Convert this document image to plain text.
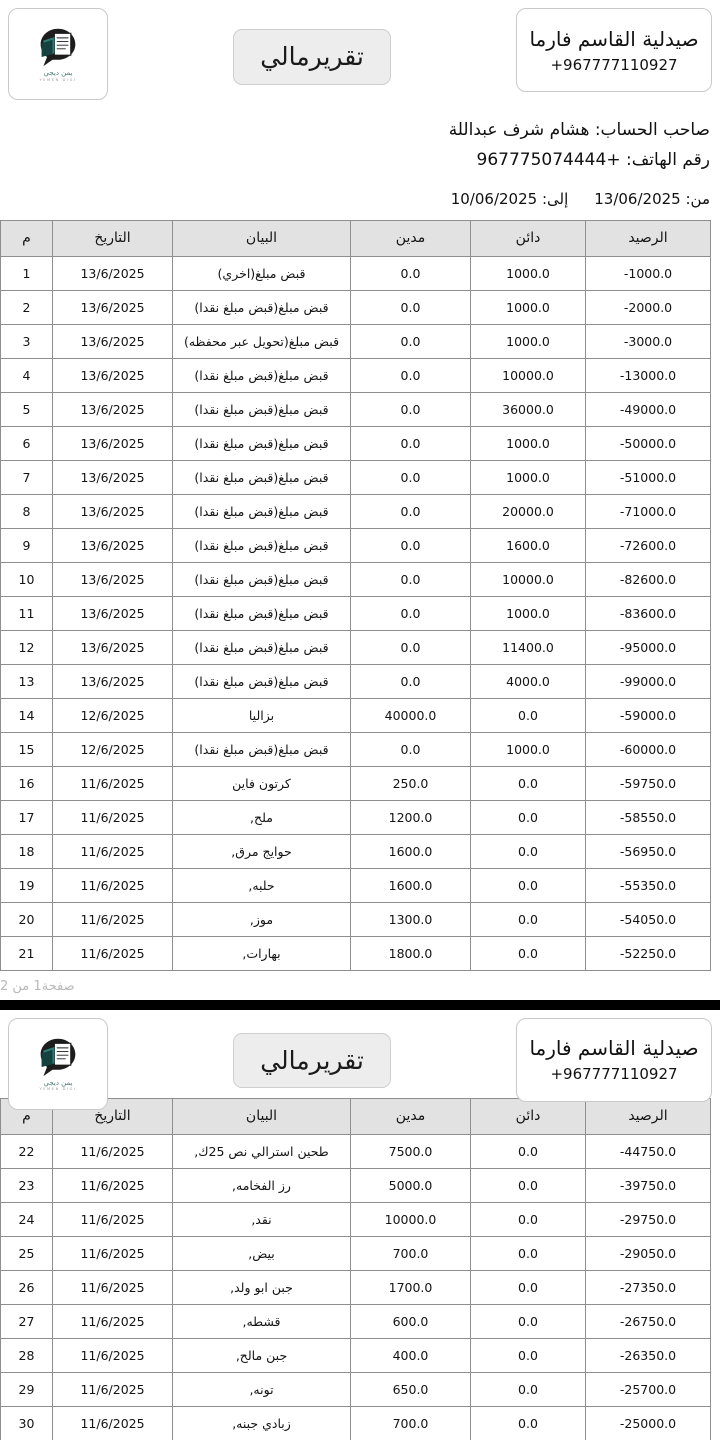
يمن ديجي
YEMEN DIGI
تقريرمالي
صيدلية القاسم فارما
+967777110927
صاحب الحساب: هشام شرف عبداللة
رقم الهاتف: +967775074444
من: 13/06/2025
إلى: 10/06/2025
الرصيد	دائن	مدين	البيان	التاريخ	م
-1000.0	1000.0	0.0	قبض مبلغ(اخري)	13/6/2025	1
-2000.0	1000.0	0.0	قبض مبلغ(قبض مبلغ نقدا)	13/6/2025	2
-3000.0	1000.0	0.0	قبض مبلغ(تحويل عبر محفظه)	13/6/2025	3
-13000.0	10000.0	0.0	قبض مبلغ(قبض مبلغ نقدا)	13/6/2025	4
-49000.0	36000.0	0.0	قبض مبلغ(قبض مبلغ نقدا)	13/6/2025	5
-50000.0	1000.0	0.0	قبض مبلغ(قبض مبلغ نقدا)	13/6/2025	6
-51000.0	1000.0	0.0	قبض مبلغ(قبض مبلغ نقدا)	13/6/2025	7
-71000.0	20000.0	0.0	قبض مبلغ(قبض مبلغ نقدا)	13/6/2025	8
-72600.0	1600.0	0.0	قبض مبلغ(قبض مبلغ نقدا)	13/6/2025	9
-82600.0	10000.0	0.0	قبض مبلغ(قبض مبلغ نقدا)	13/6/2025	10
-83600.0	1000.0	0.0	قبض مبلغ(قبض مبلغ نقدا)	13/6/2025	11
-95000.0	11400.0	0.0	قبض مبلغ(قبض مبلغ نقدا)	13/6/2025	12
-99000.0	4000.0	0.0	قبض مبلغ(قبض مبلغ نقدا)	13/6/2025	13
-59000.0	0.0	40000.0	بزاليا	12/6/2025	14
-60000.0	1000.0	0.0	قبض مبلغ(قبض مبلغ نقدا)	12/6/2025	15
-59750.0	0.0	250.0	كرتون فاين	11/6/2025	16
-58550.0	0.0	1200.0	ملح,	11/6/2025	17
-56950.0	0.0	1600.0	حوايج مرق,	11/6/2025	18
-55350.0	0.0	1600.0	حلبه,	11/6/2025	19
-54050.0	0.0	1300.0	موز,	11/6/2025	20
-52250.0	0.0	1800.0	بهارات,	11/6/2025	21
صفحة1 من 2
يمن ديجي
YEMEN DIGI
تقريرمالي	صيدلية القاسم فارما
+967777110927
الرصيد	دائن	مدين	البيان	التاريخ	م
-44750.0	0.0	7500.0	طحين استرالي نص 25ك,	11/6/2025	22
-39750.0	0.0	5000.0	رز الفخامه,	11/6/2025	23
-29750.0	0.0	10000.0	نقد,	11/6/2025	24
-29050.0	0.0	700.0	بيض,	11/6/2025	25
-27350.0	0.0	1700.0	جبن ابو ولد,	11/6/2025	26
-26750.0	0.0	600.0	قشطه,	11/6/2025	27
-26350.0	0.0	400.0	جبن مالح,	11/6/2025	28
-25700.0	0.0	650.0	تونه,	11/6/2025	29
-25000.0	0.0	700.0	زبادي جبنه,	11/6/2025	30
